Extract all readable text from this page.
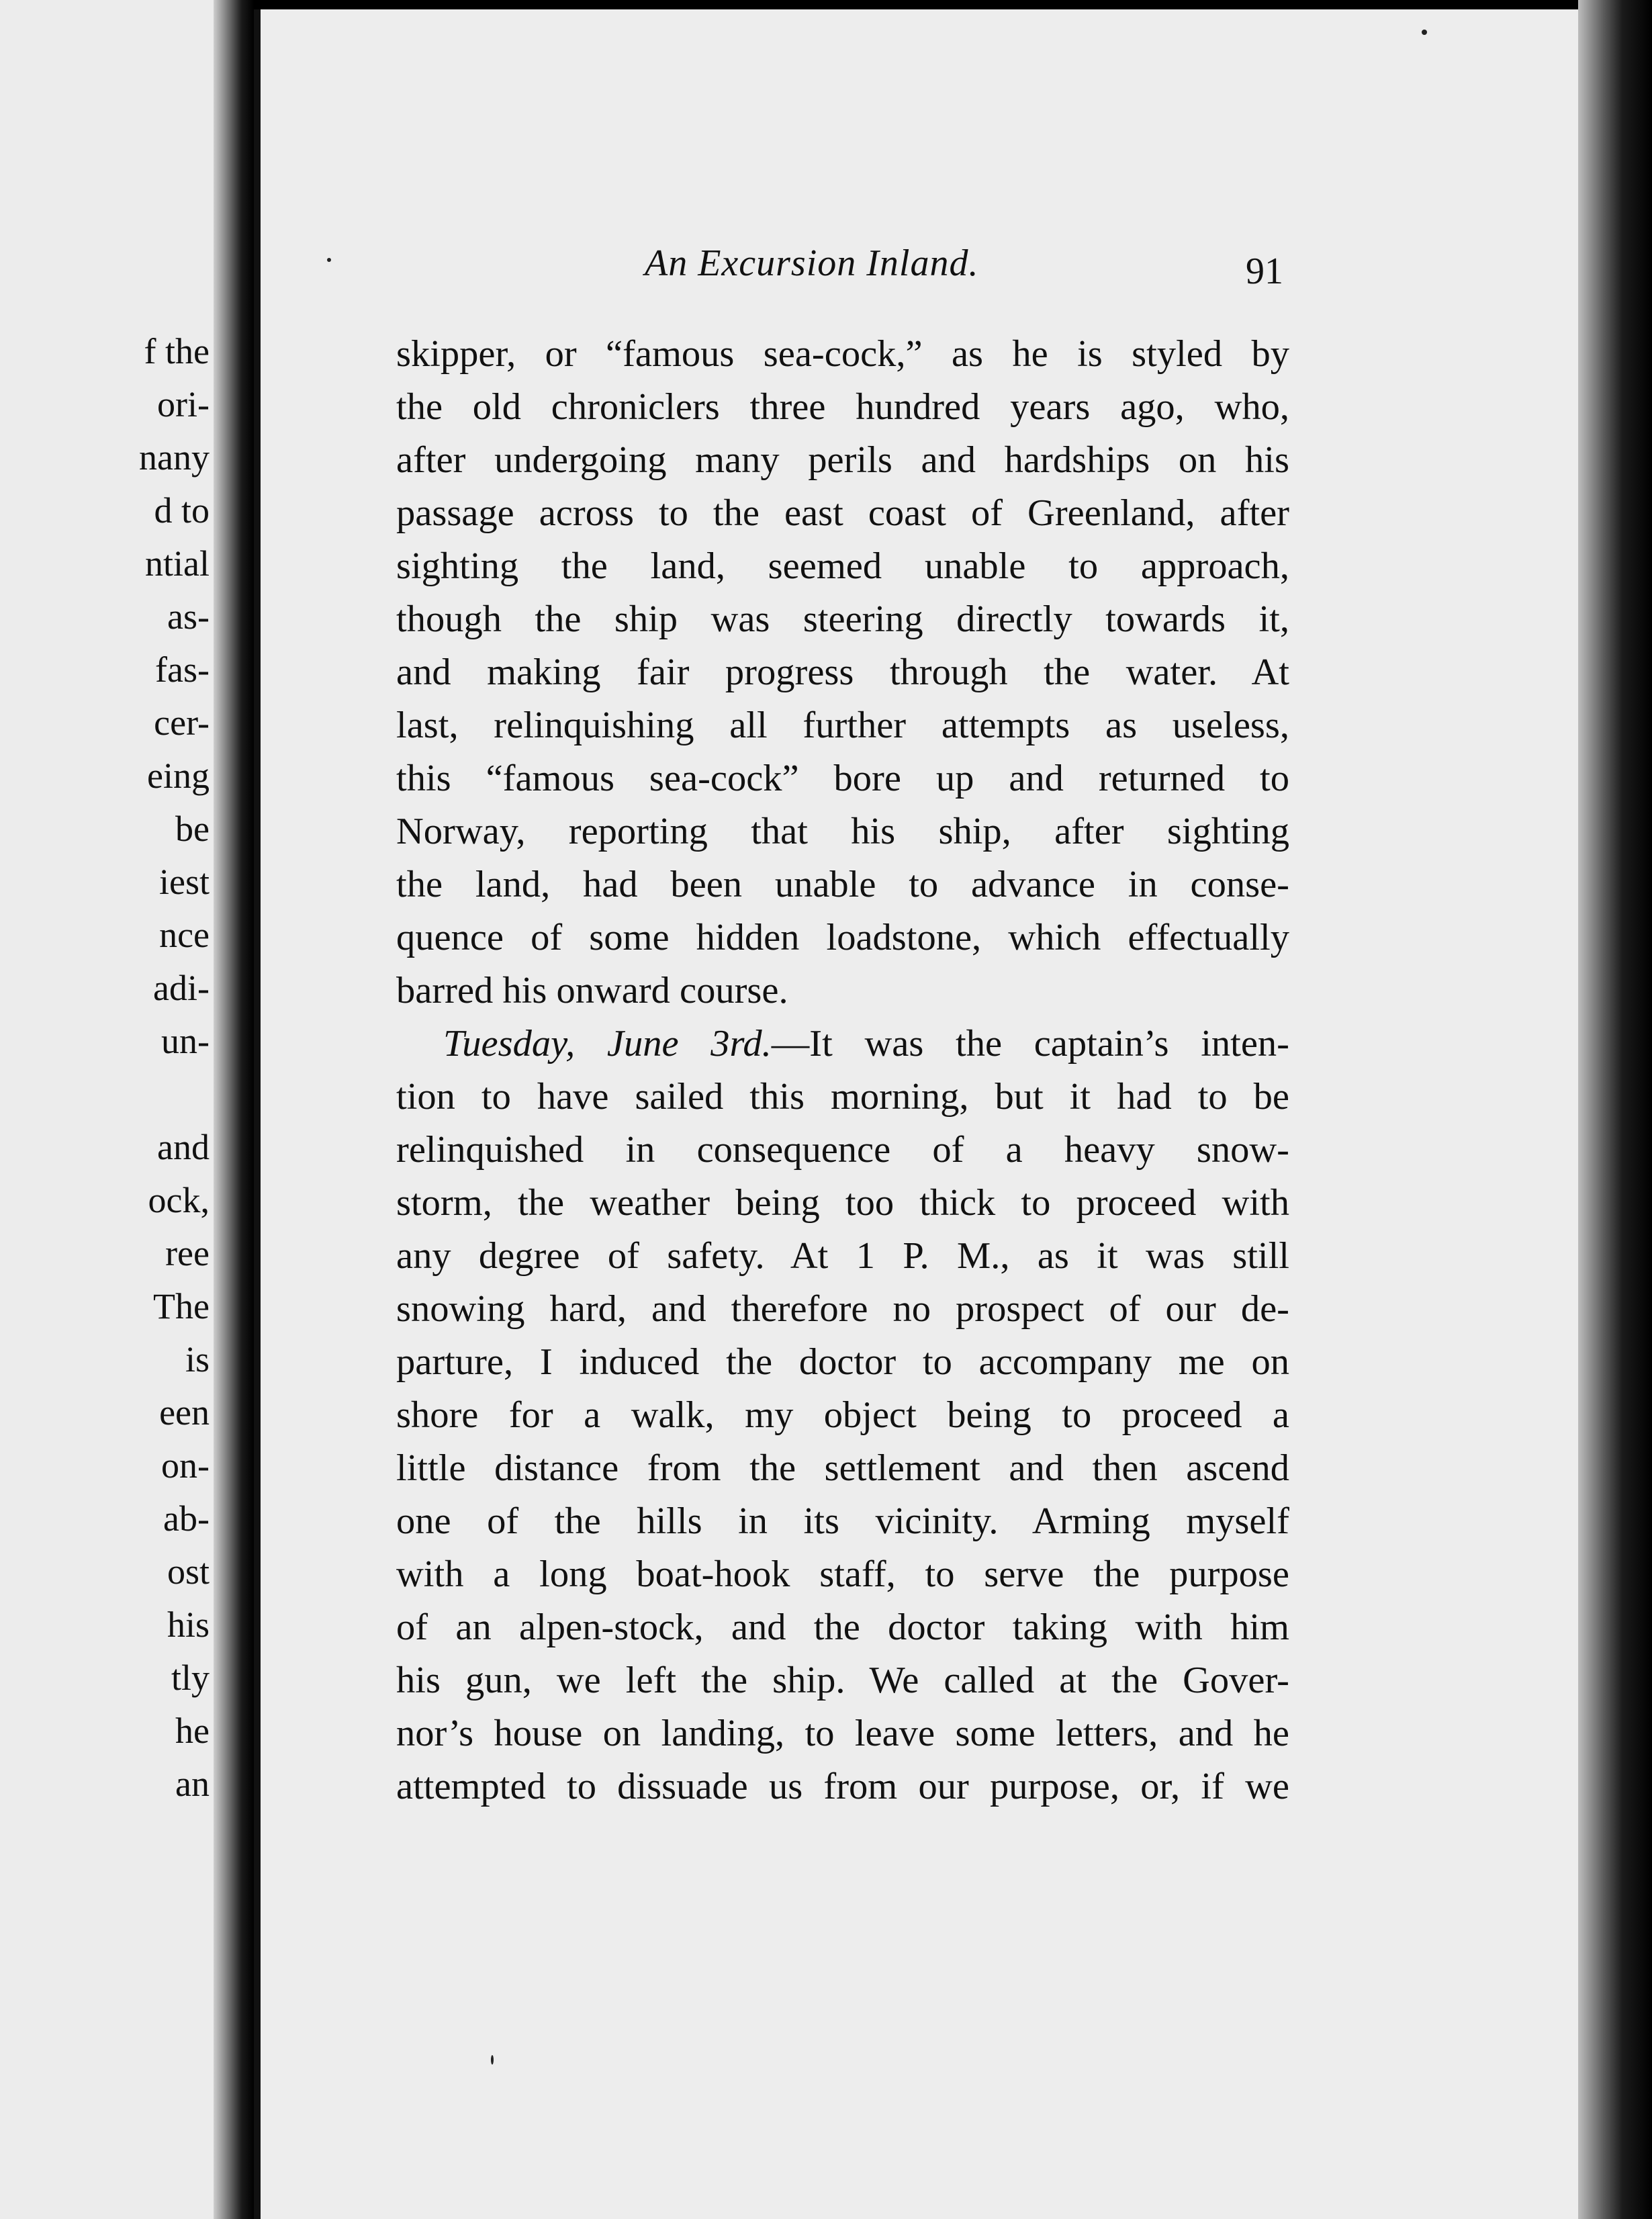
f the
ori-
nany
d to
ntial
as-
fas-
cer-
eing
be
iest
nce
adi-
un-
and
ock,
ree
The
is
een
on-
ab-
ost
his
tly
he
an
An Excursion Inland.	91
skipper, or “famous sea-cock,” as he is styled by
the old chroniclers three hundred years ago, who,
after undergoing many perils and hardships on his
passage across to the east coast of Greenland, after
sighting the land, seemed unable to approach,
though the ship was steering directly towards it,
and making fair progress through the water. At
last, relinquishing all further attempts as useless,
this “famous sea-cock” bore up and returned to
Norway, reporting that his ship, after sighting
the land, had been unable to advance in conse-
quence of some hidden loadstone, which effectually
barred his onward course.
Tuesday, June 3rd.—It was the captain’s inten-
tion to have sailed this morning, but it had to be
relinquished in consequence of a heavy snow-
storm, the weather being too thick to proceed with
any degree of safety. At 1 P. M., as it was still
snowing hard, and therefore no prospect of our de-
parture, I induced the doctor to accompany me on
shore for a walk, my object being to proceed a
little distance from the settlement and then ascend
one of the hills in its vicinity. Arming myself
with a long boat-hook staff, to serve the purpose
of an alpen-stock, and the doctor taking with him
his gun, we left the ship. We called at the Gover-
nor’s house on landing, to leave some letters, and he
attempted to dissuade us from our purpose, or, if we
